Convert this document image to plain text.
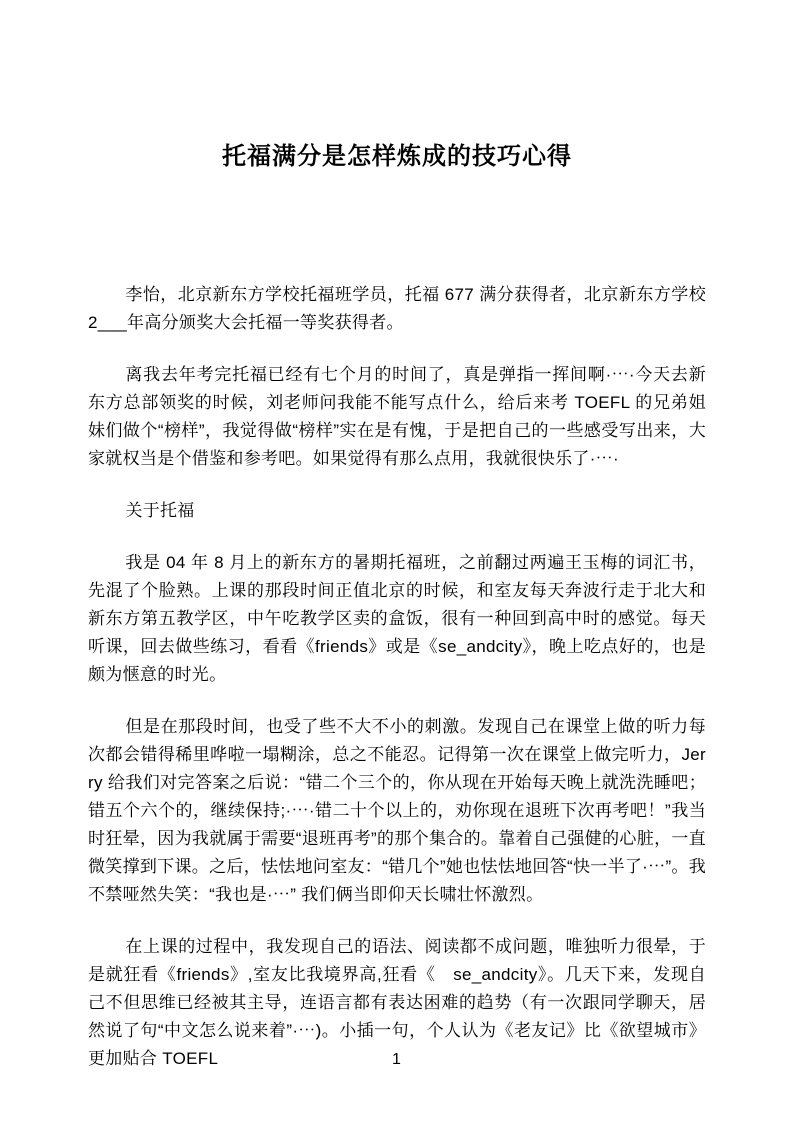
托福满分是怎样炼成的技巧心得

李怡，北京新东方学校托福班学员，托福 677 满分获得者，北京新东方学校 2___年高分颁奖大会托福一等奖获得者。

离我去年考完托福已经有七个月的时间了，真是弹指一挥间啊·⋯·今天去新东方总部领奖的时候，刘老师问我能不能写点什么，给后来考 TOEFL 的兄弟姐妹们做个“榜样”，我觉得做“榜样”实在是有愧，于是把自己的一些感受写出来，大家就权当是个借鉴和参考吧。如果觉得有那么点用，我就很快乐了·⋯·

关于托福

我是 04 年 8 月上的新东方的暑期托福班，之前翻过两遍王玉梅的词汇书，先混了个脸熟。上课的那段时间正值北京的时候，和室友每天奔波行走于北大和新东方第五教学区，中午吃教学区卖的盒饭，很有一种回到高中时的感觉。每天听课，回去做些练习，看看《friends》或是《se_andcity》，晚上吃点好的，也是颇为惬意的时光。

但是在那段时间，也受了些不大不小的刺激。发现自己在课堂上做的听力每次都会错得稀里哗啦一塌糊涂，总之不能忍。记得第一次在课堂上做完听力，Jerry 给我们对完答案之后说：“错二个三个的，你从现在开始每天晚上就洗洗睡吧；错五个六个的，继续保持;·⋯·错二十个以上的，劝你现在退班下次再考吧！”我当时狂晕，因为我就属于需要“退班再考”的那个集合的。靠着自己强健的心脏，一直微笑撑到下课。之后，怯怯地问室友：“错几个”她也怯怯地回答“快一半了·⋯”。我不禁哑然失笑：“我也是·⋯” 我们俩当即仰天长啸壮怀激烈。

在上课的过程中，我发现自己的语法、阅读都不成问题，唯独听力很晕，于是就狂看《friends》,室友比我境界高,狂看《　se_andcity》。几天下来，发现自己不但思维已经被其主导，连语言都有表达困难的趋势（有一次跟同学聊天，居然说了句“中文怎么说来着”·⋯)。小插一句，个人认为《老友记》比《欲望城市》更加贴合 TOEFL	1
